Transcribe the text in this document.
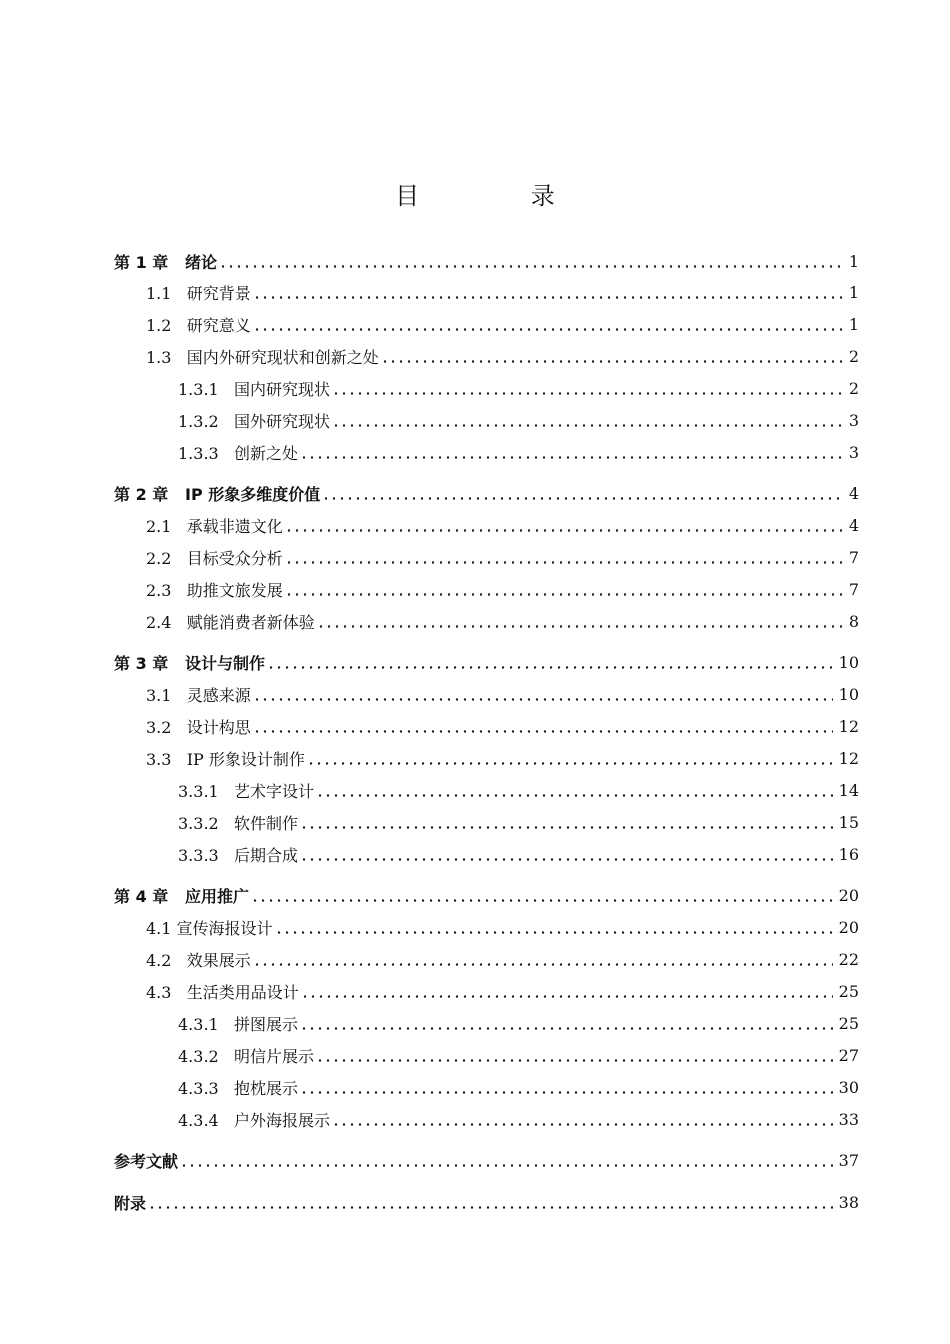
目 录
第 1 章   绪论	1
1.1   研究背景	1
1.2   研究意义	1
1.3   国内外研究现状和创新之处	2
1.3.1   国内研究现状	2
1.3.2   国外研究现状	3
1.3.3   创新之处	3
第 2 章   IP 形象多维度价值	4
2.1   承载非遗文化	4
2.2   目标受众分析	7
2.3   助推文旅发展	7
2.4   赋能消费者新体验	8
第 3 章   设计与制作	10
3.1   灵感来源	10
3.2   设计构思	12
3.3   IP 形象设计制作	12
3.3.1   艺术字设计	14
3.3.2   软件制作	15
3.3.3   后期合成	16
第 4 章   应用推广	20
4.1 宣传海报设计	20
4.2   效果展示	22
4.3   生活类用品设计	25
4.3.1   拼图展示	25
4.3.2   明信片展示	27
4.3.3   抱枕展示	30
4.3.4   户外海报展示	33
参考文献	37
附录	38
